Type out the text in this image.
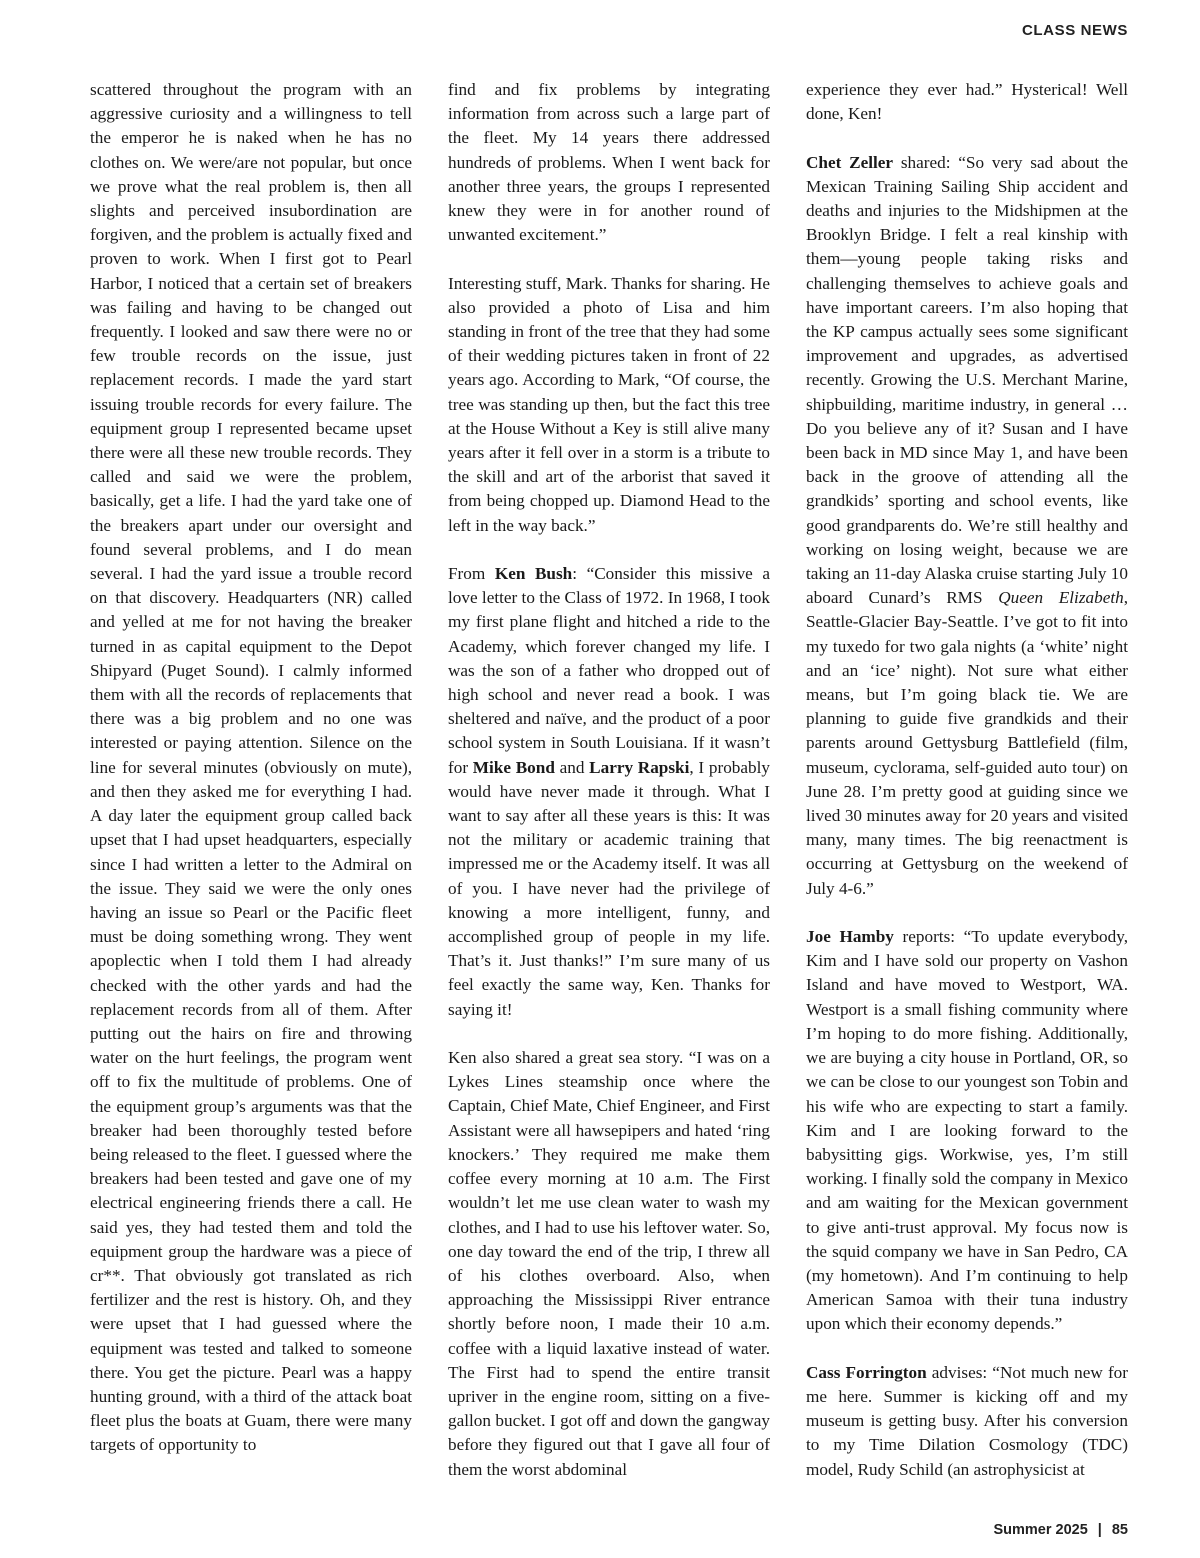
CLASS NEWS

scattered throughout the program with an aggressive curiosity and a willingness to tell the emperor he is naked when he has no clothes on. We were/are not popular, but once we prove what the real problem is, then all slights and perceived insubordination are forgiven, and the problem is actually fixed and proven to work. When I first got to Pearl Harbor, I noticed that a certain set of breakers was failing and having to be changed out frequently. I looked and saw there were no or few trouble records on the issue, just replacement records. I made the yard start issuing trouble records for every failure. The equipment group I represented became upset there were all these new trouble records. They called and said we were the problem, basically, get a life. I had the yard take one of the breakers apart under our oversight and found several problems, and I do mean several. I had the yard issue a trouble record on that discovery. Headquarters (NR) called and yelled at me for not having the breaker turned in as capital equipment to the Depot Shipyard (Puget Sound). I calmly informed them with all the records of replacements that there was a big problem and no one was interested or paying attention. Silence on the line for several minutes (obviously on mute), and then they asked me for everything I had. A day later the equipment group called back upset that I had upset headquarters, especially since I had written a letter to the Admiral on the issue. They said we were the only ones having an issue so Pearl or the Pacific fleet must be doing something wrong. They went apoplectic when I told them I had already checked with the other yards and had the replacement records from all of them. After putting out the hairs on fire and throwing water on the hurt feelings, the program went off to fix the multitude of problems. One of the equipment group’s arguments was that the breaker had been thoroughly tested before being released to the fleet. I guessed where the breakers had been tested and gave one of my electrical engineering friends there a call. He said yes, they had tested them and told the equipment group the hardware was a piece of cr**. That obviously got translated as rich fertilizer and the rest is history. Oh, and they were upset that I had guessed where the equipment was tested and talked to someone there. You get the picture. Pearl was a happy hunting ground, with a third of the attack boat fleet plus the boats at Guam, there were many targets of opportunity to

find and fix problems by integrating information from across such a large part of the fleet. My 14 years there addressed hundreds of problems. When I went back for another three years, the groups I represented knew they were in for another round of unwanted excitement.”

Interesting stuff, Mark. Thanks for sharing. He also provided a photo of Lisa and him standing in front of the tree that they had some of their wedding pictures taken in front of 22 years ago. According to Mark, “Of course, the tree was standing up then, but the fact this tree at the House Without a Key is still alive many years after it fell over in a storm is a tribute to the skill and art of the arborist that saved it from being chopped up. Diamond Head to the left in the way back.”

From Ken Bush: “Consider this missive a love letter to the Class of 1972. In 1968, I took my first plane flight and hitched a ride to the Academy, which forever changed my life. I was the son of a father who dropped out of high school and never read a book. I was sheltered and naïve, and the product of a poor school system in South Louisiana. If it wasn’t for Mike Bond and Larry Rapski, I probably would have never made it through. What I want to say after all these years is this: It was not the military or academic training that impressed me or the Academy itself. It was all of you. I have never had the privilege of knowing a more intelligent, funny, and accomplished group of people in my life. That’s it. Just thanks!” I’m sure many of us feel exactly the same way, Ken. Thanks for saying it!

Ken also shared a great sea story. “I was on a Lykes Lines steamship once where the Captain, Chief Mate, Chief Engineer, and First Assistant were all hawsepipers and hated ‘ring knockers.’ They required me make them coffee every morning at 10 a.m. The First wouldn’t let me use clean water to wash my clothes, and I had to use his leftover water. So, one day toward the end of the trip, I threw all of his clothes overboard. Also, when approaching the Mississippi River entrance shortly before noon, I made their 10 a.m. coffee with a liquid laxative instead of water. The First had to spend the entire transit upriver in the engine room, sitting on a five-gallon bucket. I got off and down the gangway before they figured out that I gave all four of them the worst abdominal

experience they ever had.” Hysterical! Well done, Ken!

Chet Zeller shared: “So very sad about the Mexican Training Sailing Ship accident and deaths and injuries to the Midshipmen at the Brooklyn Bridge. I felt a real kinship with them—young people taking risks and challenging themselves to achieve goals and have important careers. I’m also hoping that the KP campus actually sees some significant improvement and upgrades, as advertised recently. Growing the U.S. Merchant Marine, shipbuilding, maritime industry, in general … Do you believe any of it? Susan and I have been back in MD since May 1, and have been back in the groove of attending all the grandkids’ sporting and school events, like good grandparents do. We’re still healthy and working on losing weight, because we are taking an 11-day Alaska cruise starting July 10 aboard Cunard’s RMS Queen Elizabeth, Seattle-Glacier Bay-Seattle. I’ve got to fit into my tuxedo for two gala nights (a ‘white’ night and an ‘ice’ night). Not sure what either means, but I’m going black tie. We are planning to guide five grandkids and their parents around Gettysburg Battlefield (film, museum, cyclorama, self-guided auto tour) on June 28. I’m pretty good at guiding since we lived 30 minutes away for 20 years and visited many, many times. The big reenactment is occurring at Gettysburg on the weekend of July 4-6.”

Joe Hamby reports: “To update everybody, Kim and I have sold our property on Vashon Island and have moved to Westport, WA. Westport is a small fishing community where I’m hoping to do more fishing. Additionally, we are buying a city house in Portland, OR, so we can be close to our youngest son Tobin and his wife who are expecting to start a family. Kim and I are looking forward to the babysitting gigs. Workwise, yes, I’m still working. I finally sold the company in Mexico and am waiting for the Mexican government to give anti-trust approval. My focus now is the squid company we have in San Pedro, CA (my hometown). And I’m continuing to help American Samoa with their tuna industry upon which their economy depends.”

Cass Forrington advises: “Not much new for me here. Summer is kicking off and my museum is getting busy. After his conversion to my Time Dilation Cosmology (TDC) model, Rudy Schild (an astrophysicist at

Summer 2025 | 85
